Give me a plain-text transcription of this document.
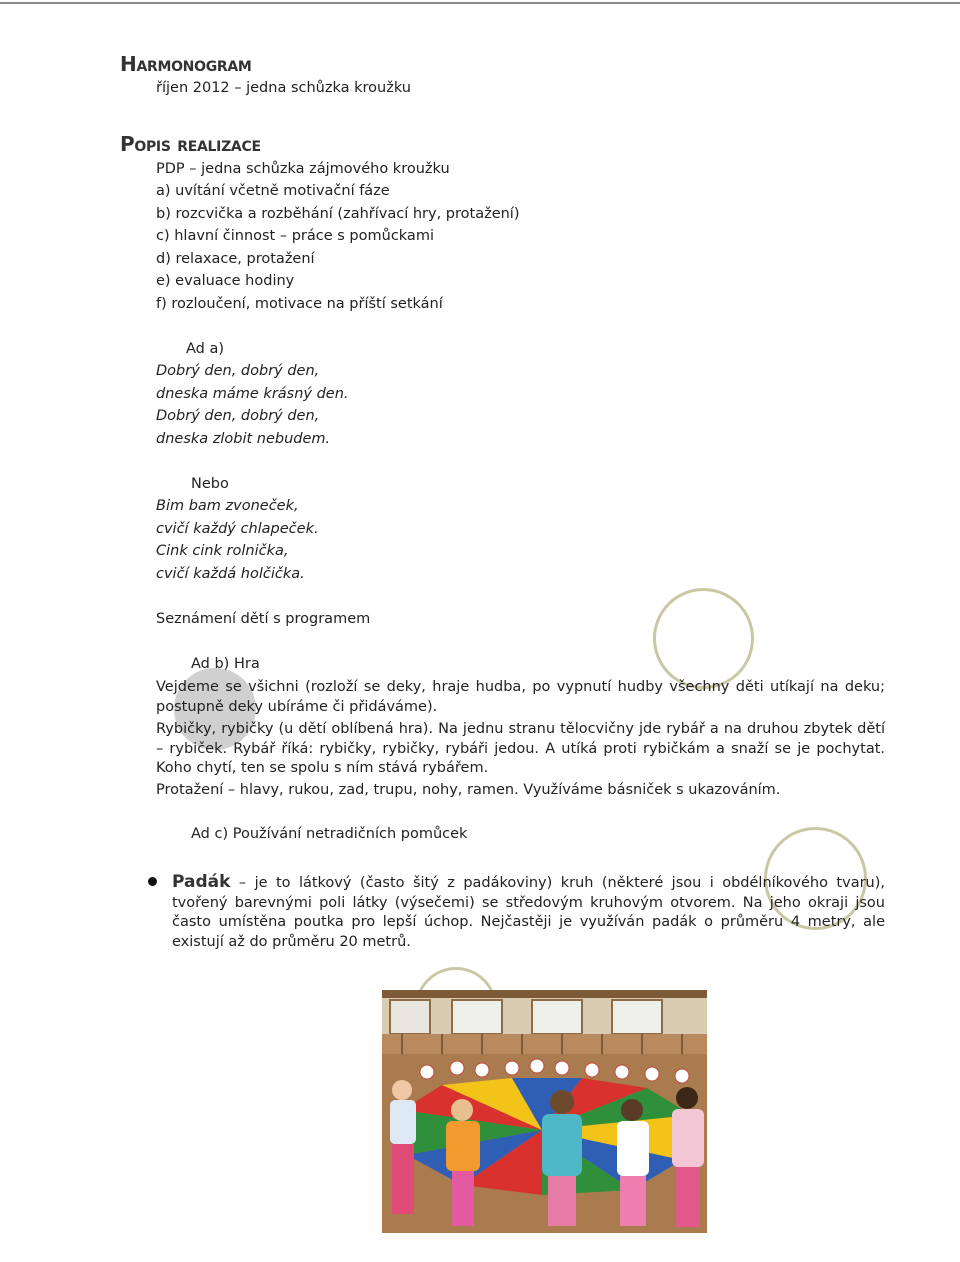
Harmonogram
říjen 2012 – jedna schůzka kroužku
Popis realizace
PDP – jedna schůzka zájmového kroužku
a) uvítání včetně motivační fáze
b) rozcvička a rozběhání (zahřívací hry, protažení)
c) hlavní činnost – práce s pomůckami
d) relaxace, protažení
e) evaluace hodiny
f) rozloučení, motivace na příští setkání
Ad a)
Dobrý den, dobrý den,
dneska máme krásný den.
Dobrý den, dobrý den,
dneska zlobit nebudem.
Nebo
Bim bam zvoneček,
cvičí každý chlapeček.
Cink cink rolnička,
cvičí každá holčička.
Seznámení dětí s programem
Ad b) Hra
Vejdeme se všichni (rozloží se deky, hraje hudba, po vypnutí hudby všechny děti utíkají na deku; postupně deky ubíráme či přidáváme).
Rybičky, rybičky (u dětí oblíbená hra). Na jednu stranu tělocvičny jde rybář a na druhou zbytek dětí – rybiček. Rybář říká: rybičky, rybičky, rybáři jedou. A utíká proti rybičkám a snaží se je pochytat. Koho chytí, ten se spolu s ním stává rybářem.
Protažení – hlavy, rukou, zad, trupu, nohy, ramen. Využíváme básniček s ukazováním.
Ad c) Používání netradičních pomůcek
Padák – je to látkový (často šitý z padákoviny) kruh (některé jsou i obdélníkového tvaru), tvořený barevnými poli látky (výsečemi) se středovým kruhovým otvorem. Na jeho okraji jsou často umístěna poutka pro lepší úchop. Nejčastěji je využíván padák o průměru 4 metry, ale existují až do průměru 20 metrů.
